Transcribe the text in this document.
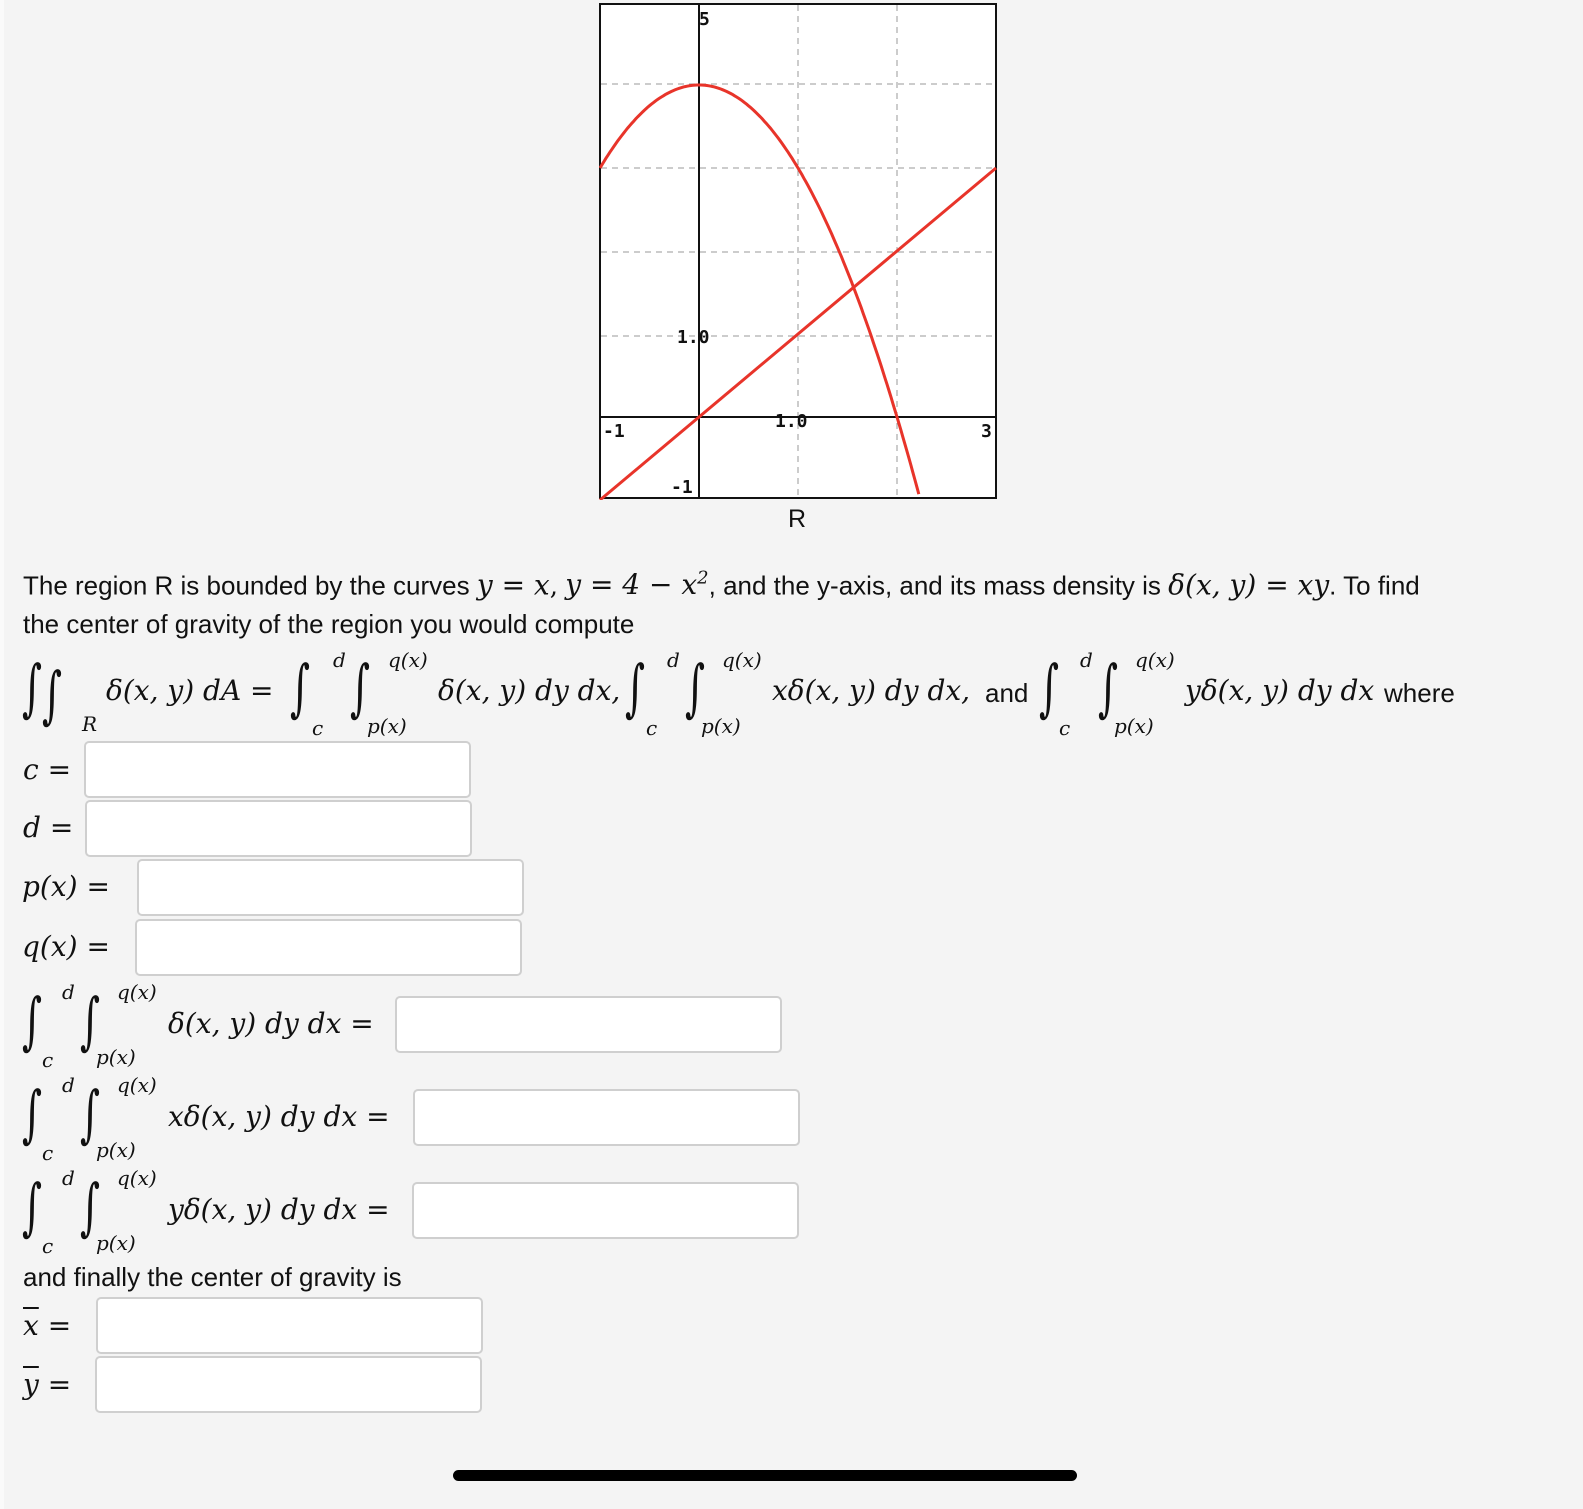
5
1.0
-1	1.0	3
-1
R
The region R is bounded by the curves y = x, $y = 4 - x^2$, and the y-axis, and its mass density is δ(x, y) = xy. To find
the center of gravity of the region you would compute
∫ ∫ R
δ(x, y) dA = ∫ d
c
∫ q(x)
p(x)
δ(x, y) dy dx, ∫ d
c
∫ q(x)
p(x)
xδ(x, y) dy dx, and ∫ d
c
∫ q(x)
p(x)
yδ(x, y) dy dx where
c =
d =
p(x) =
q(x) =
∫ d
c
∫ q(x)
p(x)
δ(x, y) dy dx =
∫ d
c
∫ q(x)
p(x)
xδ(x, y) dy dx =
∫ d
c
∫ q(x)
p(x)
yδ(x, y) dy dx =
and finally the center of gravity is
$\overline{x}$ =
$\overline{y}$ =
